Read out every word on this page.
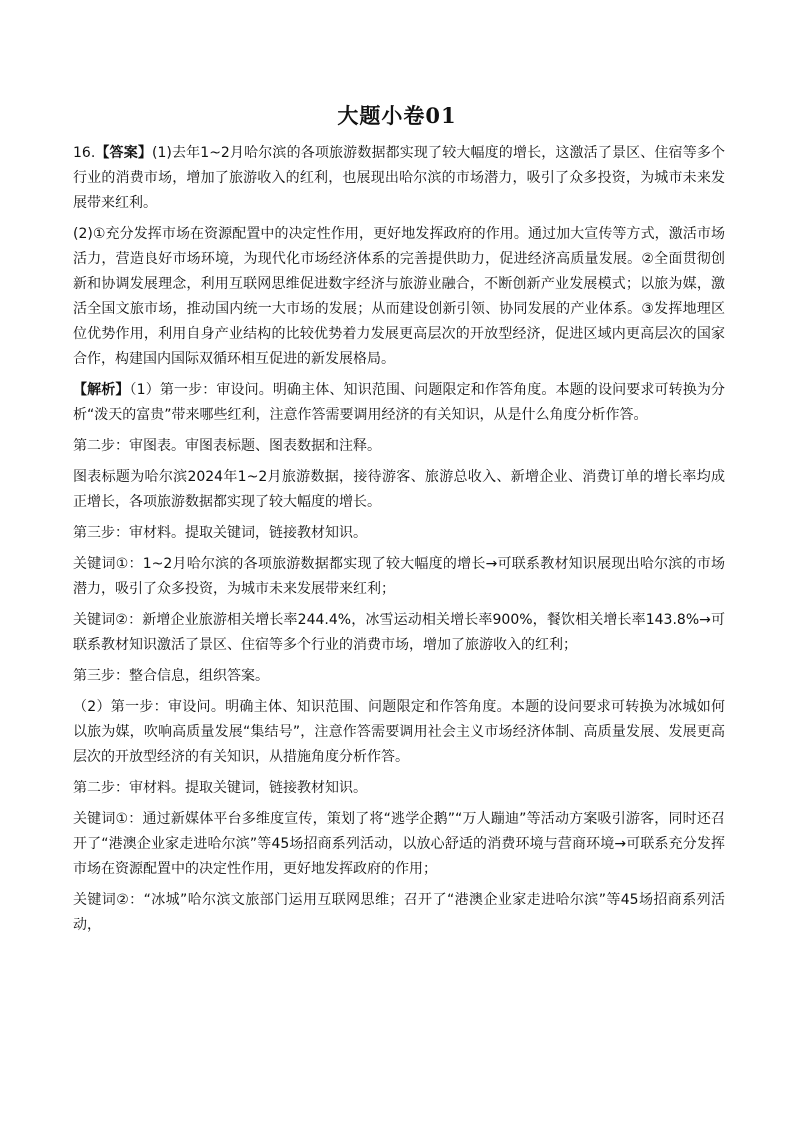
大题小卷01

16.【答案】(1)去年1~2月哈尔滨的各项旅游数据都实现了较大幅度的增长，这激活了景区、住宿等多个行业的消费市场，增加了旅游收入的红利，也展现出哈尔滨的市场潜力，吸引了众多投资，为城市未来发展带来红利。

(2)①充分发挥市场在资源配置中的决定性作用，更好地发挥政府的作用。通过加大宣传等方式，激活市场活力，营造良好市场环境，为现代化市场经济体系的完善提供助力，促进经济高质量发展。②全面贯彻创新和协调发展理念，利用互联网思维促进数字经济与旅游业融合，不断创新产业发展模式；以旅为媒，激活全国文旅市场，推动国内统一大市场的发展；从而建设创新引领、协同发展的产业体系。③发挥地理区位优势作用，利用自身产业结构的比较优势着力发展更高层次的开放型经济，促进区域内更高层次的国家合作，构建国内国际双循环相互促进的新发展格局。

【解析】（1）第一步：审设问。明确主体、知识范围、问题限定和作答角度。本题的设问要求可转换为分析“泼天的富贵”带来哪些红利，注意作答需要调用经济的有关知识，从是什么角度分析作答。

第二步：审图表。审图表标题、图表数据和注释。

图表标题为哈尔滨2024年1~2月旅游数据，接待游客、旅游总收入、新增企业、消费订单的增长率均成正增长，各项旅游数据都实现了较大幅度的增长。

第三步：审材料。提取关键词，链接教材知识。

关键词①：1~2月哈尔滨的各项旅游数据都实现了较大幅度的增长→可联系教材知识展现出哈尔滨的市场潜力，吸引了众多投资，为城市未来发展带来红利；

关键词②：新增企业旅游相关增长率244.4%，冰雪运动相关增长率900%，餐饮相关增长率143.8%→可联系教材知识激活了景区、住宿等多个行业的消费市场，增加了旅游收入的红利；

第三步：整合信息，组织答案。

（2）第一步：审设问。明确主体、知识范围、问题限定和作答角度。本题的设问要求可转换为冰城如何以旅为媒，吹响高质量发展“集结号”，注意作答需要调用社会主义市场经济体制、高质量发展、发展更高层次的开放型经济的有关知识，从措施角度分析作答。

第二步：审材料。提取关键词，链接教材知识。

关键词①：通过新媒体平台多维度宣传，策划了将“逃学企鹅”“万人蹦迪”等活动方案吸引游客，同时还召开了“港澳企业家走进哈尔滨”等45场招商系列活动，以放心舒适的消费环境与营商环境→可联系充分发挥市场在资源配置中的决定性作用，更好地发挥政府的作用；

关键词②：“冰城”哈尔滨文旅部门运用互联网思维；召开了“港澳企业家走进哈尔滨”等45场招商系列活动，
